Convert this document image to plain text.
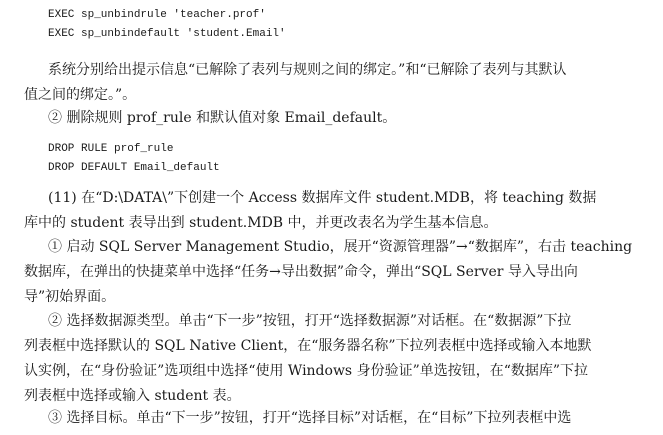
EXEC sp_unbindrule 'teacher.prof'
EXEC sp_unbindefault 'student.Email'

系统分别给出提示信息“已解除了表列与规则之间的绑定。”和“已解除了表列与其默认
值之间的绑定。”。

② 删除规则 prof_rule 和默认值对象 Email_default。

DROP RULE prof_rule
DROP DEFAULT Email_default

(11) 在“D:\DATA\”下创建一个 Access 数据库文件 student.MDB，将 teaching 数据
库中的 student 表导出到 student.MDB 中，并更改表名为学生基本信息。

① 启动 SQL Server Management Studio，展开“资源管理器”→“数据库”，右击 teaching
数据库，在弹出的快捷菜单中选择“任务→导出数据”命令，弹出“SQL Server 导入导出向
导”初始界面。

② 选择数据源类型。单击“下一步”按钮，打开“选择数据源”对话框。在“数据源”下拉
列表框中选择默认的 SQL Native Client，在“服务器名称”下拉列表框中选择或输入本地默
认实例，在“身份验证”选项组中选择“使用 Windows 身份验证”单选按钮，在“数据库”下拉
列表框中选择或输入 student 表。

③ 选择目标。单击“下一步”按钮，打开“选择目标”对话框，在“目标”下拉列表框中选
